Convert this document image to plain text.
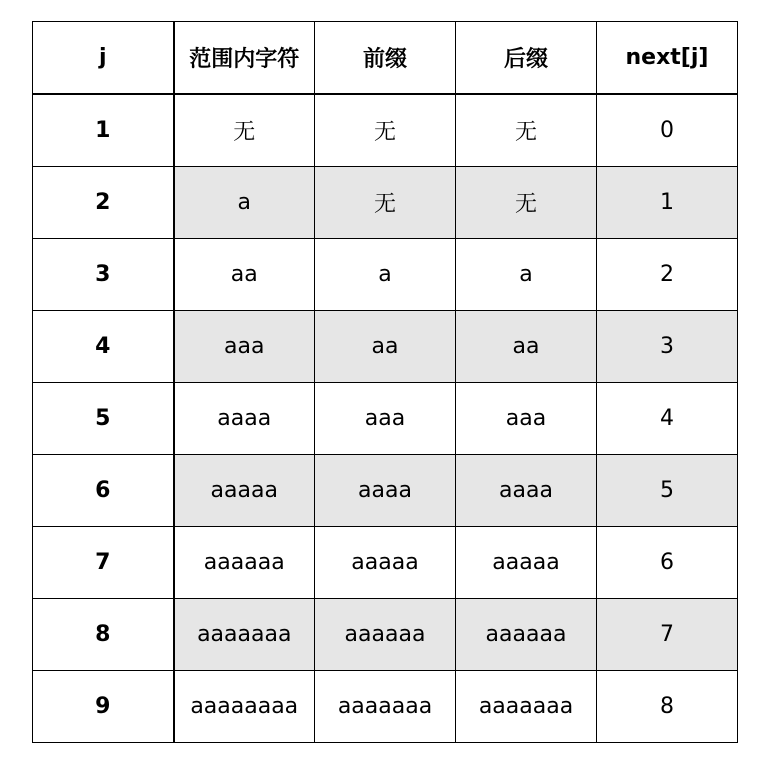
j	范围内字符	前缀	后缀	next[j]
1	无	无	无	0
2	a	无	无	1
3	aa	a	a	2
4	aaa	aa	aa	3
5	aaaa	aaa	aaa	4
6	aaaaa	aaaa	aaaa	5
7	aaaaaa	aaaaa	aaaaa	6
8	aaaaaaa	aaaaaa	aaaaaa	7
9	aaaaaaaa	aaaaaaa	aaaaaaa	8
